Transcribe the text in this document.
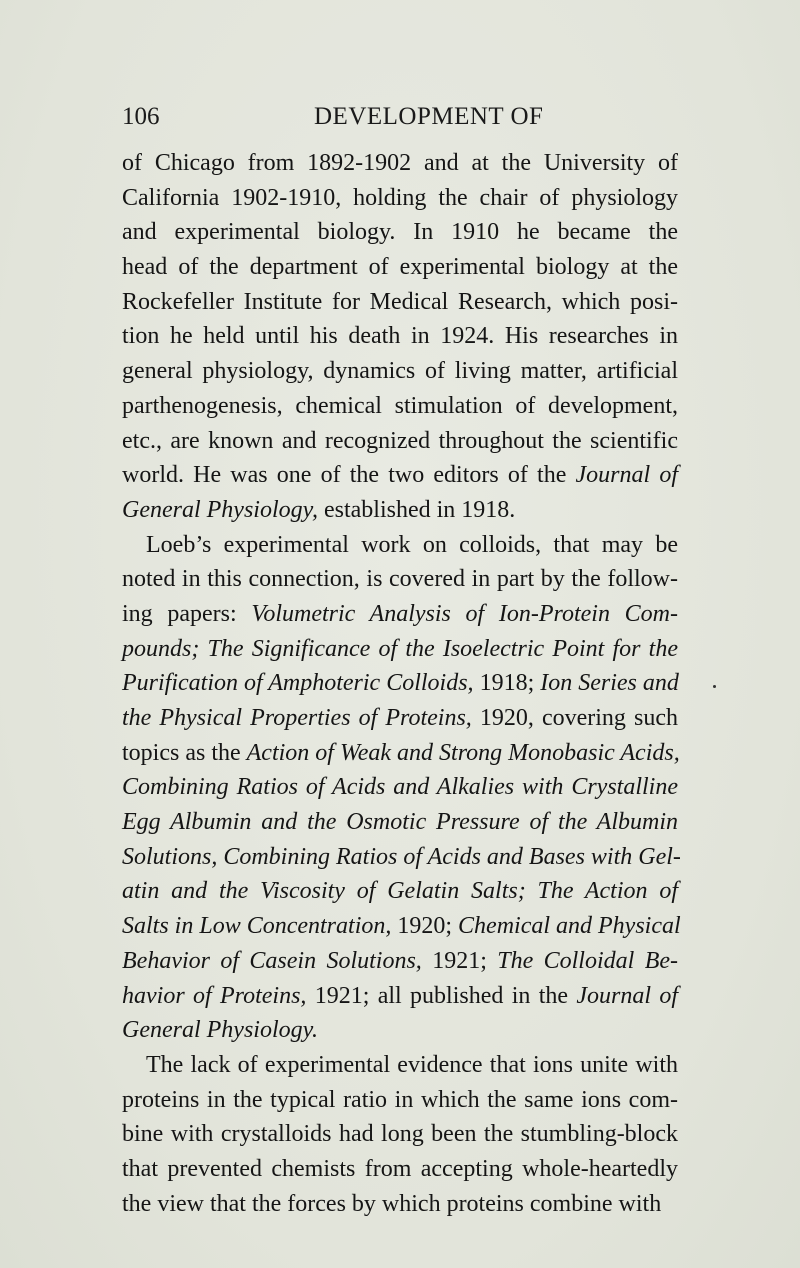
106	DEVELOPMENT OF
of Chicago from 1892-1902 and at the University of
California 1902-1910, holding the chair of physiology
and experimental biology. In 1910 he became the
head of the department of experimental biology at the
Rockefeller Institute for Medical Research, which posi-
tion he held until his death in 1924. His researches in
general physiology, dynamics of living matter, artificial
parthenogenesis, chemical stimulation of development,
etc., are known and recognized throughout the scientific
world. He was one of the two editors of the Journal of
General Physiology, established in 1918.
Loeb’s experimental work on colloids, that may be
noted in this connection, is covered in part by the follow-
ing papers: Volumetric Analysis of Ion-Protein Com-
pounds; The Significance of the Isoelectric Point for the
Purification of Amphoteric Colloids, 1918; Ion Series and
the Physical Properties of Proteins, 1920, covering such
topics as the Action of Weak and Strong Monobasic Acids,
Combining Ratios of Acids and Alkalies with Crystalline
Egg Albumin and the Osmotic Pressure of the Albumin
Solutions, Combining Ratios of Acids and Bases with Gel-
atin and the Viscosity of Gelatin Salts; The Action of
Salts in Low Concentration, 1920; Chemical and Physical
Behavior of Casein Solutions, 1921; The Colloidal Be-
havior of Proteins, 1921; all published in the Journal of
General Physiology.
The lack of experimental evidence that ions unite with
proteins in the typical ratio in which the same ions com-
bine with crystalloids had long been the stumbling-block
that prevented chemists from accepting whole-heartedly
the view that the forces by which proteins combine with
